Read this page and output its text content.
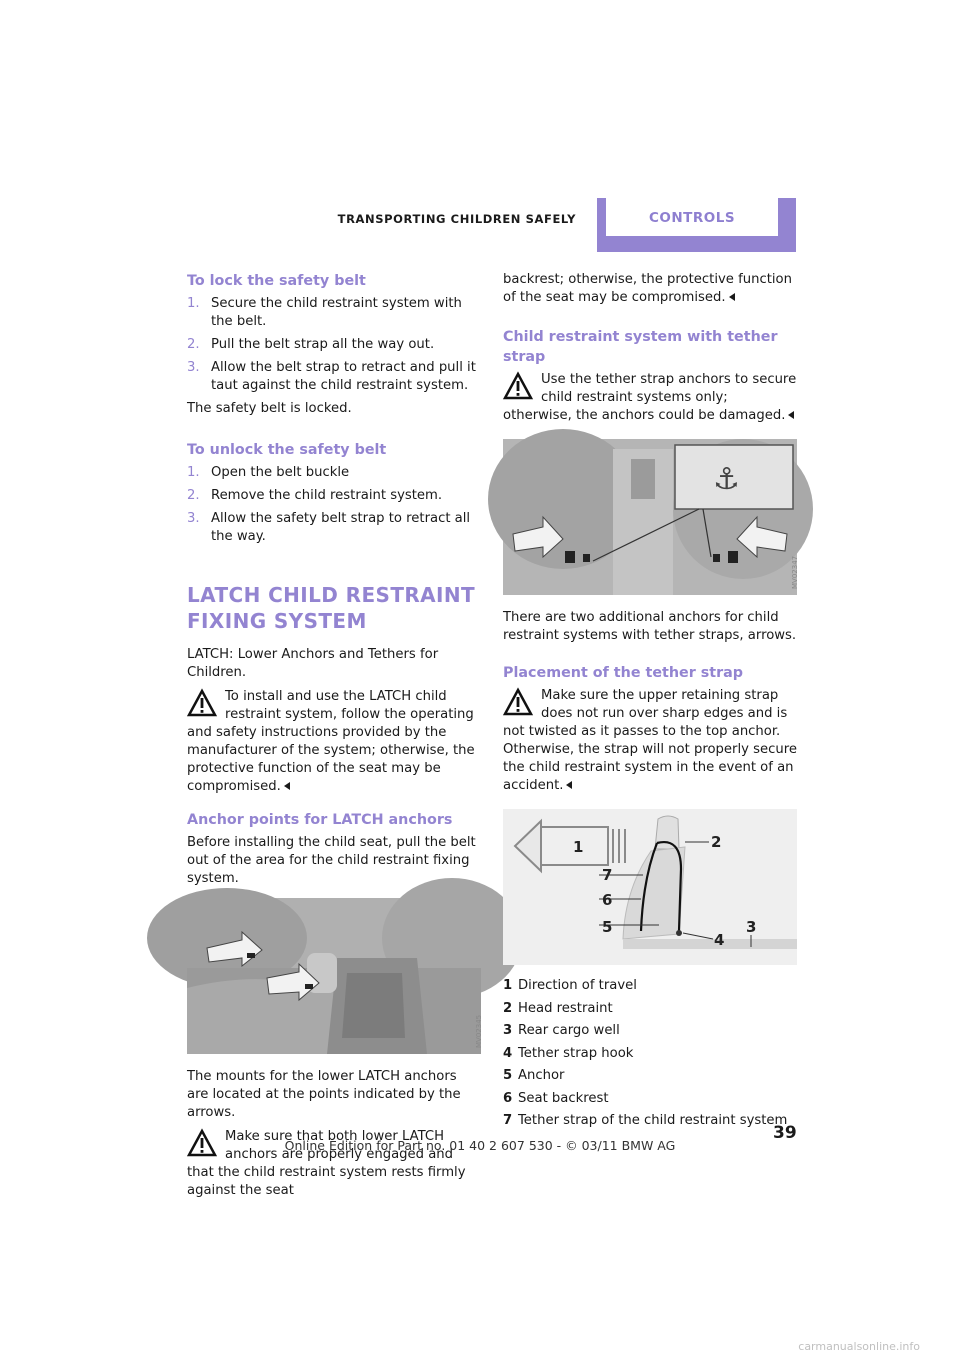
TRANSPORTING CHILDREN SAFELY	CONTROLS
To lock the safety belt
1. Secure the child restraint system with the belt.
2. Pull the belt strap all the way out.
3. Allow the belt strap to retract and pull it taut against the child restraint system.

The safety belt is locked.

To unlock the safety belt
1. Open the belt buckle
2. Remove the child restraint system.
3. Allow the safety belt strap to retract all the way.
LATCH CHILD RESTRAINT
FIXING SYSTEM

LATCH: Lower Anchors and Tethers for Children.

To install and use the LATCH child restraint system, follow the operating and safety instructions provided by the manufacturer of the system; otherwise, the protective function of the seat may be compromised.
Anchor points for LATCH anchors

Before installing the child seat, pull the belt out of the area for the child restraint fixing system.

MV02345

The mounts for the lower LATCH anchors are located at the points indicated by the arrows.

Make sure that both lower LATCH anchors are properly engaged and that the child restraint system rests firmly against the seat

backrest; otherwise, the protective function of the seat may be compromised.

Child restraint system with tether strap
Use the tether strap anchors to secure child restraint systems only; otherwise, the anchors could be damaged.
⚓
MV02347

There are two additional anchors for child restraint systems with tether straps, arrows.

Placement of the tether strap
Make sure the upper retaining strap does not run over sharp edges and is not twisted as it passes to the top anchor. Otherwise, the strap will not properly secure the child restraint system in the event of an accident.
1	2
3
4
5
6
7
1 Direction of travel
2 Head restraint
3 Rear cargo well
4 Tether strap hook
5 Anchor
6 Seat backrest
7 Tether strap of the child restraint system
39
Online Edition for Part no. 01 40 2 607 530 - © 03/11 BMW AG
carmanualsonline.info
